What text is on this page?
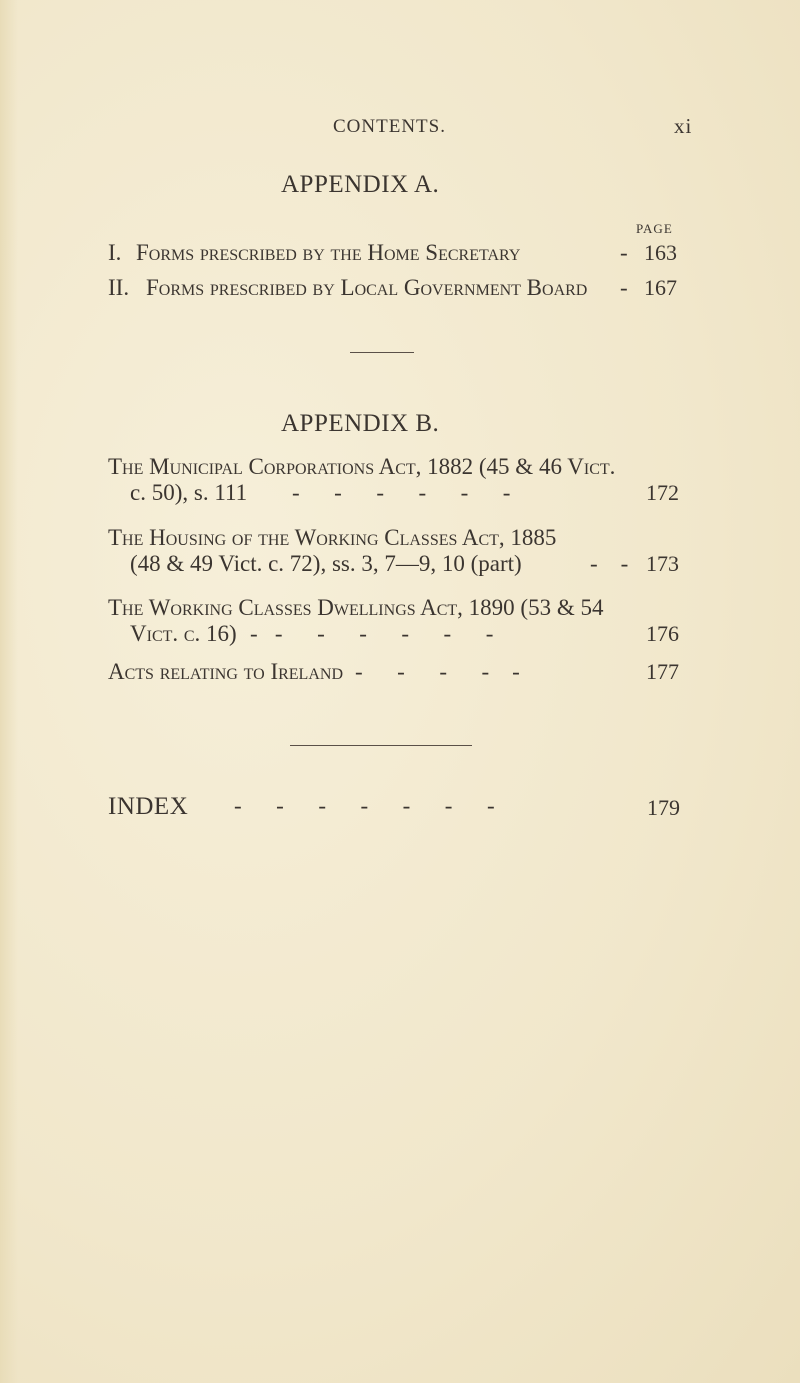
CONTENTS.	xi
APPENDIX A.
PAGE
I. Forms prescribed by the Home Secretary	- 163
II. Forms prescribed by Local Government Board - 167
APPENDIX B.
The Municipal Corporations Act, 1882 (45 & 46 Vict.
c. 50), s. 111 -      -      -      -      -      -	172
The Housing of the Working Classes Act, 1885
(48 & 49 Vict. c. 72), ss. 3, 7—9, 10 (part)	-    - 173
The Working Classes Dwellings Act, 1890 (53 & 54
Vict. c. 16) -   -      -      -      -      -      -	176
Acts relating to Ireland -      -      -      -    -	177
INDEX -      -      -      -      -      -      -	179
